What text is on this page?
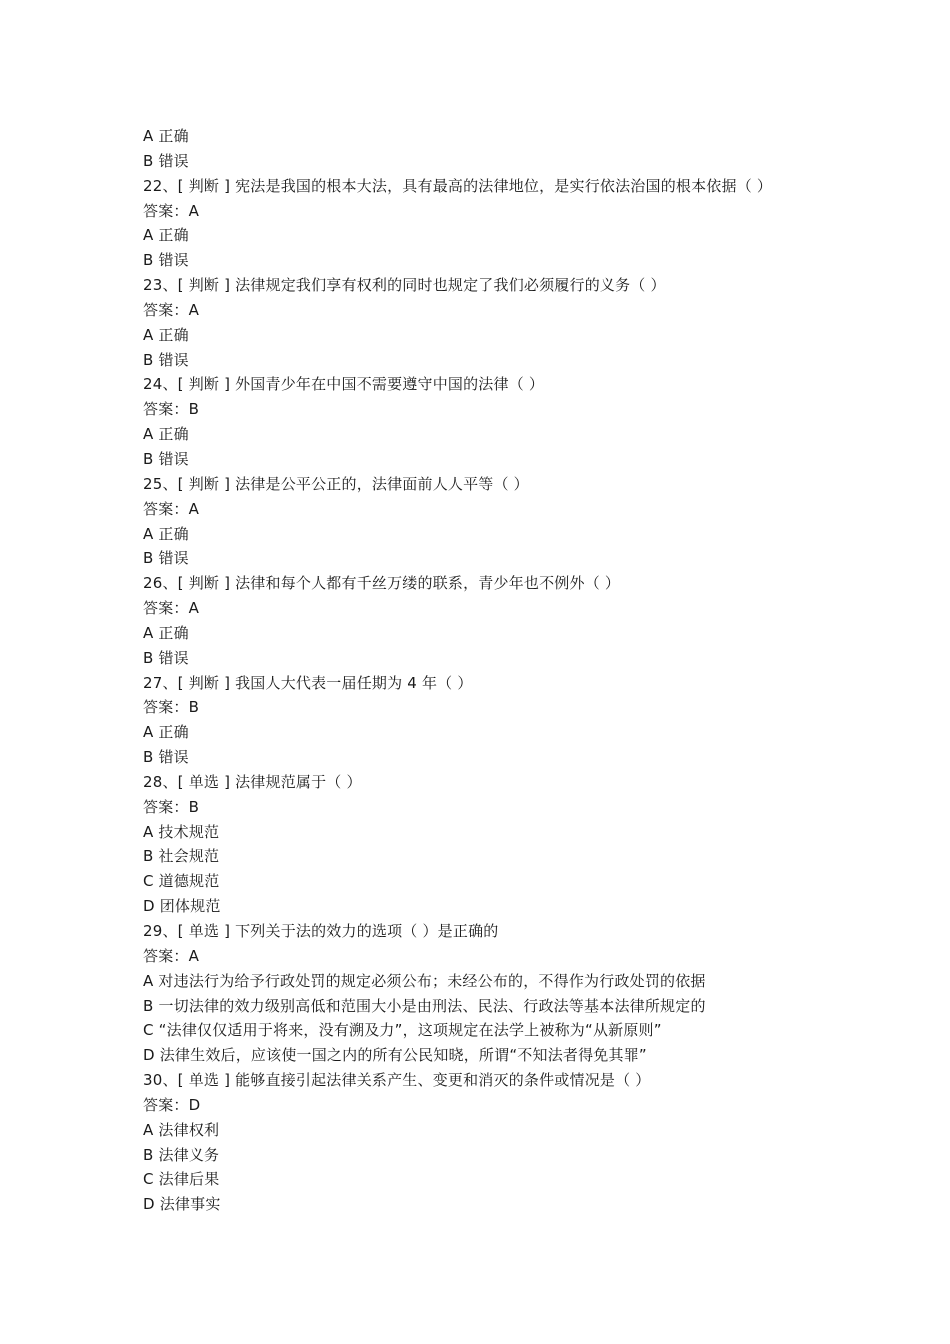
A 正确
B 错误
22、[ 判断 ] 宪法是我国的根本大法，具有最高的法律地位，是实行依法治国的根本依据（ ）
答案：A
A 正确
B 错误
23、[ 判断 ] 法律规定我们享有权利的同时也规定了我们必须履行的义务（ ）
答案：A
A 正确
B 错误
24、[ 判断 ] 外国青少年在中国不需要遵守中国的法律（ ）
答案：B
A 正确
B 错误
25、[ 判断 ] 法律是公平公正的，法律面前人人平等（ ）
答案：A
A 正确
B 错误
26、[ 判断 ] 法律和每个人都有千丝万缕的联系，青少年也不例外（ ）
答案：A
A 正确
B 错误
27、[ 判断 ] 我国人大代表一届任期为 4 年（ ）
答案：B
A 正确
B 错误
28、[ 单选 ] 法律规范属于（ ）
答案：B
A 技术规范
B 社会规范
C 道德规范
D 团体规范
29、[ 单选 ] 下列关于法的效力的选项（ ）是正确的
答案：A
A 对违法行为给予行政处罚的规定必须公布；未经公布的，不得作为行政处罚的依据
B 一切法律的效力级别高低和范围大小是由刑法、民法、行政法等基本法律所规定的
C “法律仅仅适用于将来，没有溯及力”，这项规定在法学上被称为“从新原则”
D 法律生效后，应该使一国之内的所有公民知晓，所谓“不知法者得免其罪”
30、[ 单选 ] 能够直接引起法律关系产生、变更和消灭的条件或情况是（ ）
答案：D
A 法律权利
B 法律义务
C 法律后果
D 法律事实
